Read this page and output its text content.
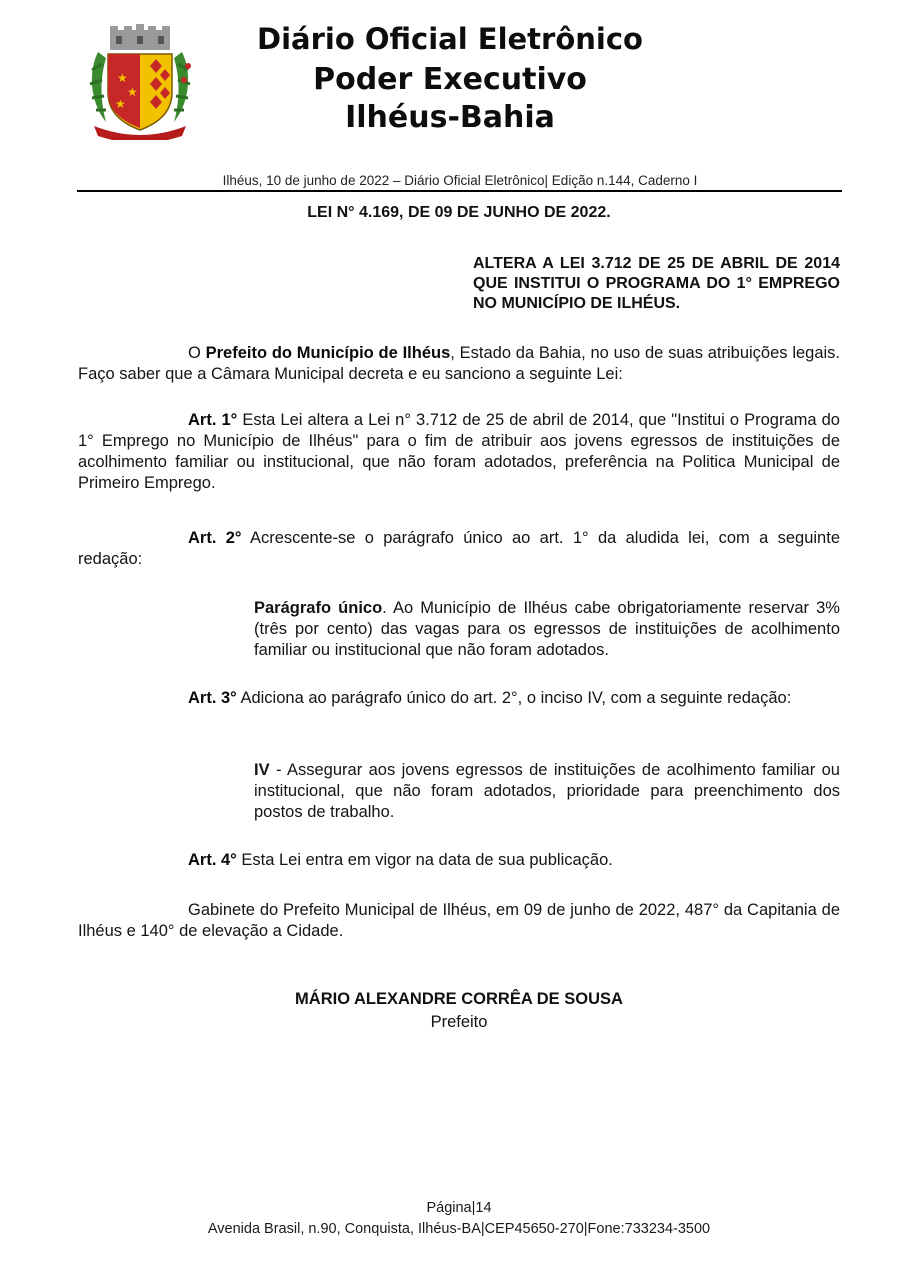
★
★
★
Diário Oficial Eletrônico
Poder Executivo
Ilhéus-Bahia
Ilhéus, 10 de junho de 2022 – Diário Oficial Eletrônico| Edição n.144, Caderno I
LEI N° 4.169, DE 09 DE JUNHO DE 2022.
ALTERA A LEI 3.712 DE 25 DE ABRIL DE 2014 QUE INSTITUI O PROGRAMA DO 1° EMPREGO NO MUNICÍPIO DE ILHÉUS.

O Prefeito do Município de Ilhéus, Estado da Bahia, no uso de suas atribuições legais. Faço saber que a Câmara Municipal decreta e eu sanciono a seguinte Lei:

Art. 1° Esta Lei altera a Lei n° 3.712 de 25 de abril de 2014, que "Institui o Programa do 1° Emprego no Município de Ilhéus" para o fim de atribuir aos jovens egressos de instituições de acolhimento familiar ou institucional, que não foram adotados, preferência na Politica Municipal de Primeiro Emprego.

Art. 2° Acrescente-se o parágrafo único ao art. 1° da aludida lei, com a seguinte redação:

Parágrafo único. Ao Município de Ilhéus cabe obrigatoriamente reservar 3% (três por cento) das vagas para os egressos de instituições de acolhimento familiar ou institucional que não foram adotados.

Art. 3° Adiciona ao parágrafo único do art. 2°, o inciso IV, com a seguinte redação:

IV - Assegurar aos jovens egressos de instituições de acolhimento familiar ou institucional, que não foram adotados, prioridade para preenchimento dos postos de trabalho.

Art. 4° Esta Lei entra em vigor na data de sua publicação.

Gabinete do Prefeito Municipal de Ilhéus, em 09 de junho de 2022, 487° da Capitania de Ilhéus e 140° de elevação a Cidade.

MÁRIO ALEXANDRE CORRÊA DE SOUSA
Prefeito
Página|14
Avenida Brasil, n.90, Conquista, Ilhéus-BA|CEP45650-270|Fone:733234-3500
